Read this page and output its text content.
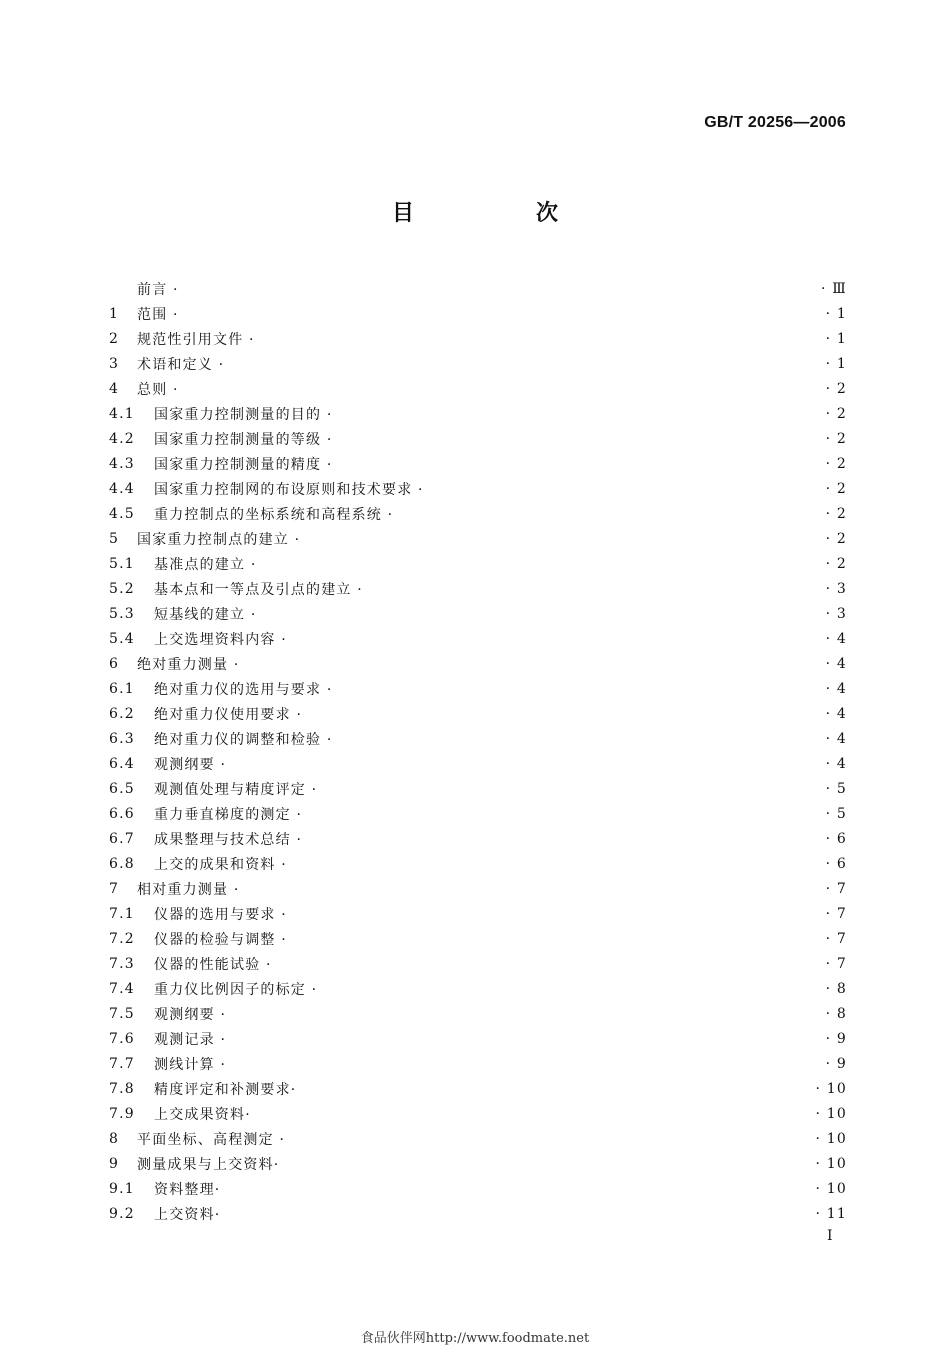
GB/T 20256—2006
目　次
前言 ·	· Ⅲ
1	范围 ·	· 1
2	规范性引用文件 ·	· 1
3	术语和定义 ·	· 1
4	总则 ·	· 2
4.1	国家重力控制测量的目的 ·	· 2
4.2	国家重力控制测量的等级 ·	· 2
4.3	国家重力控制测量的精度 ·	· 2
4.4	国家重力控制网的布设原则和技术要求 ·	· 2
4.5	重力控制点的坐标系统和高程系统 ·	· 2
5	国家重力控制点的建立 ·	· 2
5.1	基准点的建立 ·	· 2
5.2	基本点和一等点及引点的建立 ·	· 3
5.3	短基线的建立 ·	· 3
5.4	上交选埋资料内容 ·	· 4
6	绝对重力测量 ·	· 4
6.1	绝对重力仪的选用与要求 ·	· 4
6.2	绝对重力仪使用要求 ·	· 4
6.3	绝对重力仪的调整和检验 ·	· 4
6.4	观测纲要 ·	· 4
6.5	观测值处理与精度评定 ·	· 5
6.6	重力垂直梯度的测定 ·	· 5
6.7	成果整理与技术总结 ·	· 6
6.8	上交的成果和资料 ·	· 6
7	相对重力测量 ·	· 7
7.1	仪器的选用与要求 ·	· 7
7.2	仪器的检验与调整 ·	· 7
7.3	仪器的性能试验 ·	· 7
7.4	重力仪比例因子的标定 ·	· 8
7.5	观测纲要 ·	· 8
7.6	观测记录 ·	· 9
7.7	测线计算 ·	· 9
7.8	精度评定和补测要求·	· 10
7.9	上交成果资料·	· 10
8	平面坐标、高程测定 ·	· 10
9	测量成果与上交资料·	· 10
9.1	资料整理·	· 10
9.2	上交资料·	· 11
I
食品伙伴网http://www.foodmate.net
